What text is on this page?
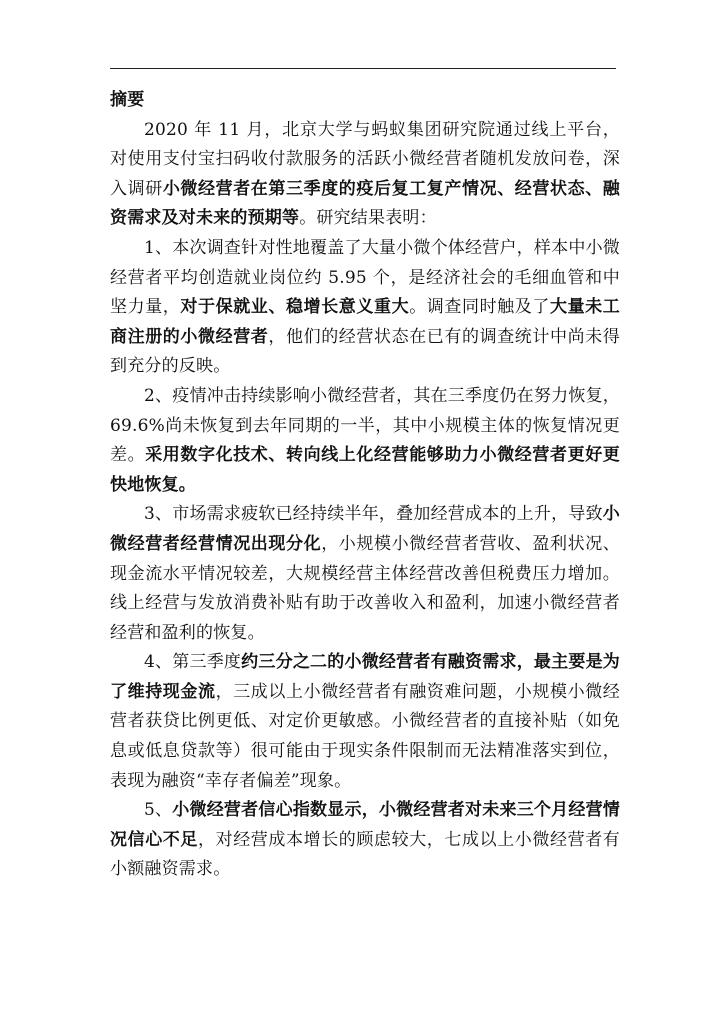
摘要

2020 年 11 月，北京大学与蚂蚁集团研究院通过线上平台，对使用支付宝扫码收付款服务的活跃小微经营者随机发放问卷，深入调研小微经营者在第三季度的疫后复工复产情况、经营状态、融资需求及对未来的预期等。研究结果表明：

1、本次调查针对性地覆盖了大量小微个体经营户，样本中小微经营者平均创造就业岗位约 5.95 个，是经济社会的毛细血管和中坚力量，对于保就业、稳增长意义重大。调查同时触及了大量未工商注册的小微经营者，他们的经营状态在已有的调查统计中尚未得到充分的反映。

2、疫情冲击持续影响小微经营者，其在三季度仍在努力恢复，69.6%尚未恢复到去年同期的一半，其中小规模主体的恢复情况更差。采用数字化技术、转向线上化经营能够助力小微经营者更好更快地恢复。

3、市场需求疲软已经持续半年，叠加经营成本的上升，导致小微经营者经营情况出现分化，小规模小微经营者营收、盈利状况、现金流水平情况较差，大规模经营主体经营改善但税费压力增加。线上经营与发放消费补贴有助于改善收入和盈利，加速小微经营者经营和盈利的恢复。

4、第三季度约三分之二的小微经营者有融资需求，最主要是为了维持现金流，三成以上小微经营者有融资难问题，小规模小微经营者获贷比例更低、对定价更敏感。小微经营者的直接补贴（如免息或低息贷款等）很可能由于现实条件限制而无法精准落实到位，表现为融资“幸存者偏差”现象。

5、小微经营者信心指数显示，小微经营者对未来三个月经营情况信心不足，对经营成本增长的顾虑较大，七成以上小微经营者有小额融资需求。
